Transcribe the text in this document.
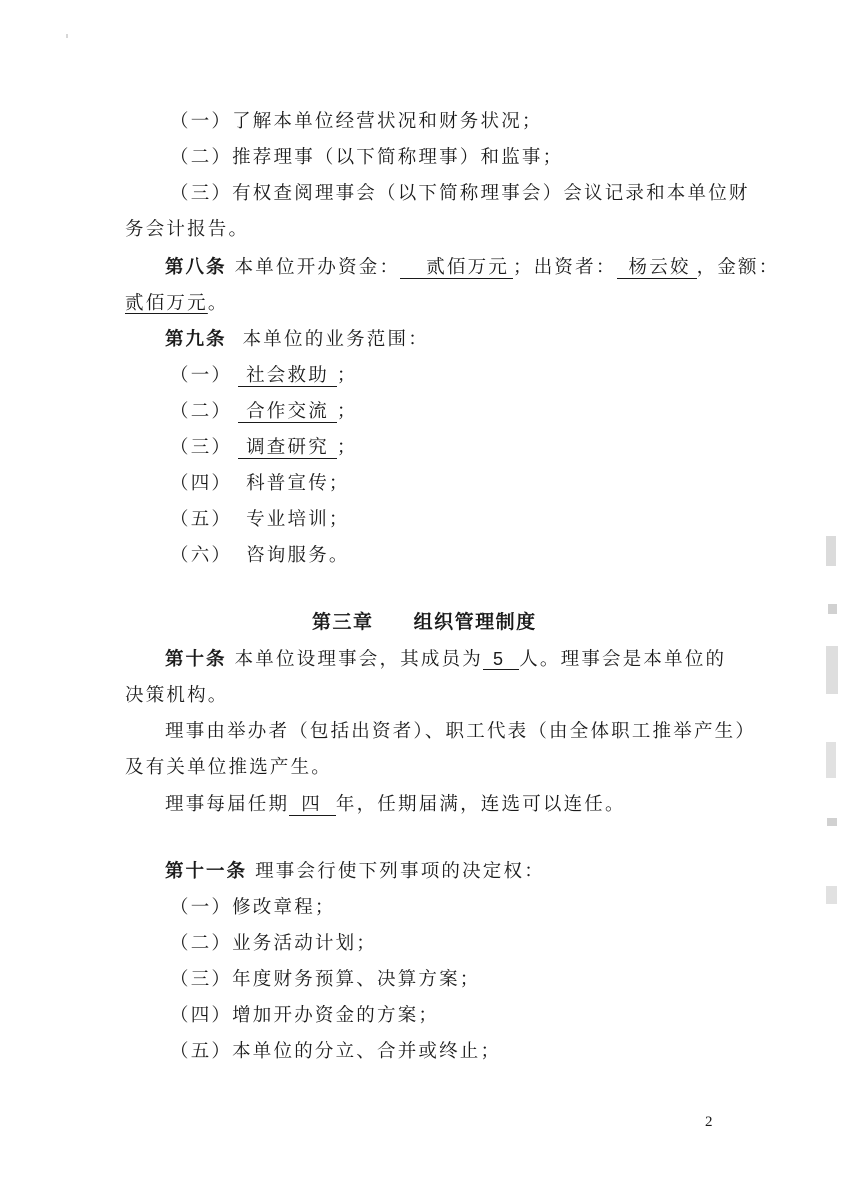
（一）了解本单位经营状况和财务状况；
（二）推荐理事（以下简称理事）和监事；
（三）有权查阅理事会（以下简称理事会）会议记录和本单位财
务会计报告。
第八条 本单位开办资金： 贰佰万元 ；出资者： 杨云姣 ，金额：
贰佰万元。
第九条 本单位的业务范围：
（一） 社会救助 ；
（二） 合作交流 ；
（三） 调查研究 ；
（四） 科普宣传；
（五） 专业培训；
（六） 咨询服务。
第三章 组织管理制度
第十条 本单位设理事会，其成员为 5 人。理事会是本单位的
决策机构。
理事由举办者（包括出资者）、职工代表（由全体职工推举产生）
及有关单位推选产生。
理事每届任期 四 年，任期届满，连选可以连任。
第十一条 理事会行使下列事项的决定权：
（一）修改章程；
（二）业务活动计划；
（三）年度财务预算、决算方案；
（四）增加开办资金的方案；
（五）本单位的分立、合并或终止；
2
